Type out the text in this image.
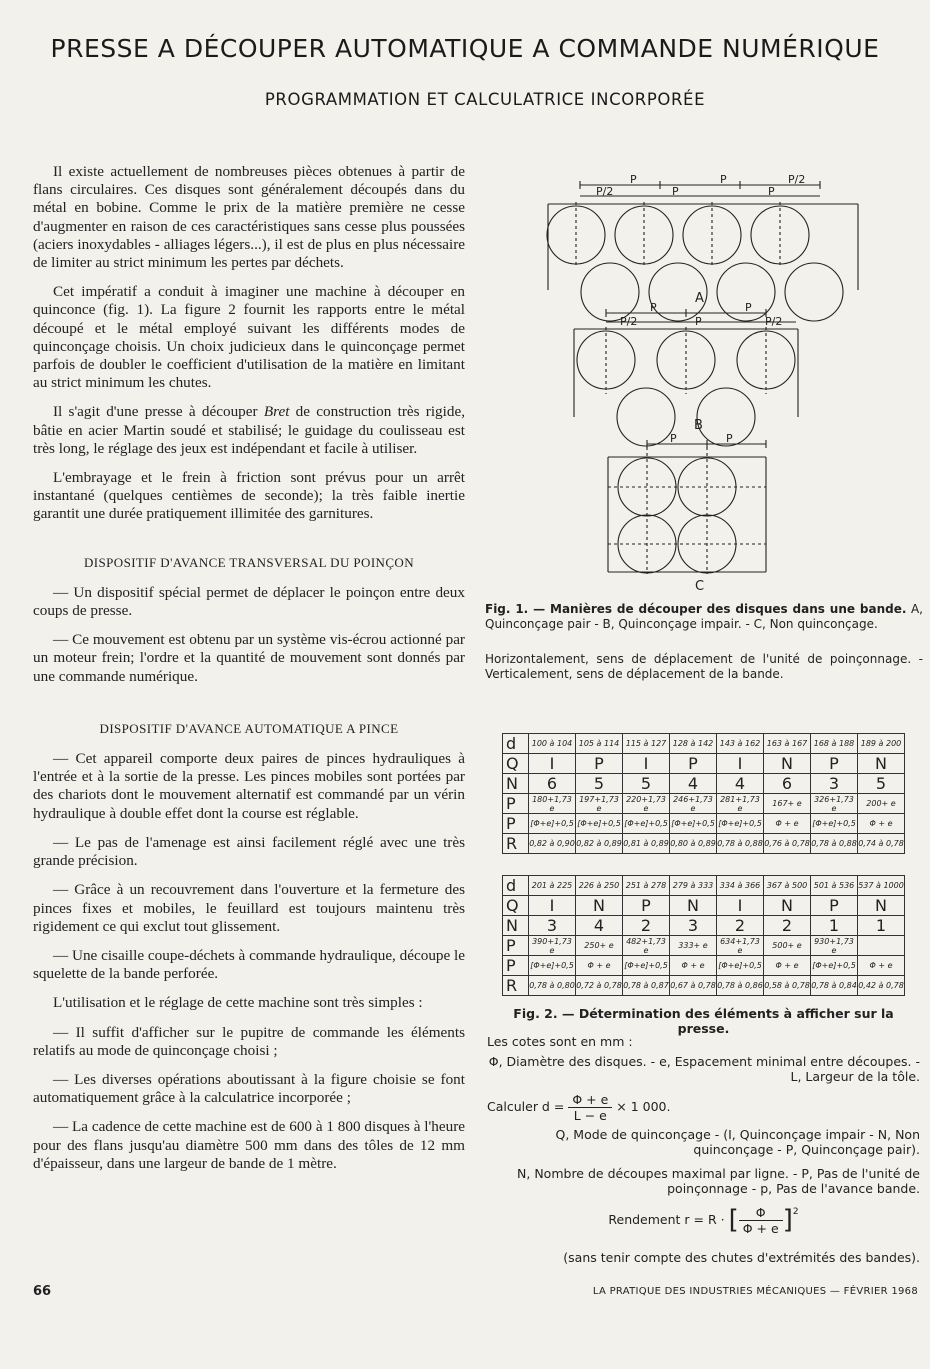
PRESSE A DÉCOUPER AUTOMATIQUE A COMMANDE NUMÉRIQUE
PROGRAMMATION ET CALCULATRICE INCORPORÉE

Il existe actuellement de nombreuses pièces obtenues à partir de flans circulaires. Ces disques sont généralement découpés dans du métal en bobine. Comme le prix de la matière première ne cesse d'augmenter en raison de ces caractéristiques sans cesse plus poussées (aciers inoxydables - alliages légers...), il est de plus en plus nécessaire de limiter au strict minimum les pertes par déchets.

Cet impératif a conduit à imaginer une machine à découper en quinconce (fig. 1). La figure 2 fournit les rapports entre le métal découpé et le métal employé suivant les différents modes de quinconçage choisis. Un choix judicieux dans le quinconçage permet parfois de doubler le coefficient d'utilisation de la matière en limitant au strict minimum les chutes.

Il s'agit d'une presse à découper Bret de construction très rigide, bâtie en acier Martin soudé et stabilisé; le guidage du coulisseau est très long, le réglage des jeux est indépendant et facile à utiliser.

L'embrayage et le frein à friction sont prévus pour un arrêt instantané (quelques centièmes de seconde); la très faible inertie garantit une durée pratiquement illimitée des garnitures.

DISPOSITIF D'AVANCE TRANSVERSAL DU POINÇON

— Un dispositif spécial permet de déplacer le poinçon entre deux coups de presse.

— Ce mouvement est obtenu par un système vis-écrou actionné par un moteur frein; l'ordre et la quantité de mouvement sont donnés par une commande numérique.

DISPOSITIF D'AVANCE AUTOMATIQUE A PINCE

— Cet appareil comporte deux paires de pinces hydrauliques à l'entrée et à la sortie de la presse. Les pinces mobiles sont portées par des chariots dont le mouvement alternatif est commandé par un vérin hydraulique à double effet dont la course est réglable.

— Le pas de l'amenage est ainsi facilement réglé avec une très grande précision.

— Grâce à un recouvrement dans l'ouverture et la fermeture des pinces fixes et mobiles, le feuillard est toujours maintenu très rigidement ce qui exclut tout glissement.

— Une cisaille coupe-déchets à commande hydraulique, découpe le squelette de la bande perforée.

L'utilisation et le réglage de cette machine sont très simples :

— Il suffit d'afficher sur le pupitre de commande les éléments relatifs au mode de quinconçage choisi ;

— Les diverses opérations aboutissant à la figure choisie se font automatiquement grâce à la calculatrice incorporée ;

— La cadence de cette machine est de 600 à 1 800 disques à l'heure pour des flans jusqu'au diamètre 500 mm dans des tôles de 12 mm d'épaisseur, dans une largeur de bande de 1 mètre.

P	P	P/2
P/2	P	P
A
P	P
P/2	P	P/2
B
P	P
C
Fig. 1. — Manières de découper des disques dans une bande. A, Quinconçage pair - B, Quinconçage impair. - C, Non quinconçage.
Horizontalement, sens de déplacement de l'unité de poinçonnage. - Verticalement, sens de déplacement de la bande.
d	100 à 104	105 à 114	115 à 127	128 à 142	143 à 162	163 à 167	168 à 188	189 à 200
Q	I	P	I	P	I	N	P	N
N	6	5	5	4	4	6	3	5
P	180+1,73 e	197+1,73 e	220+1,73 e	246+1,73 e	281+1,73 e	167+ e	326+1,73 e	200+ e
P	[Φ+e]+0,5	[Φ+e]+0,5	[Φ+e]+0,5	[Φ+e]+0,5	[Φ+e]+0,5	Φ + e	[Φ+e]+0,5	Φ + e
R	0,82 à 0,90	0,82 à 0,89	0,81 à 0,89	0,80 à 0,89	0,78 à 0,88	0,76 à 0,78	0,78 à 0,88	0,74 à 0,78
d	201 à 225	226 à 250	251 à 278	279 à 333	334 à 366	367 à 500	501 à 536	537 à 1000
Q	I	N	P	N	I	N	P	N
N	3	4	2	3	2	2	1	1
P	390+1,73 e	250+ e	482+1,73 e	333+ e	634+1,73 e	500+ e	930+1,73 e	
P	[Φ+e]+0,5	Φ + e	[Φ+e]+0,5	Φ + e	[Φ+e]+0,5	Φ + e	[Φ+e]+0,5	Φ + e
R	0,78 à 0,80	0,72 à 0,78	0,78 à 0,87	0,67 à 0,78	0,78 à 0,86	0,58 à 0,78	0,78 à 0,84	0,42 à 0,78
Fig. 2. — Détermination des éléments à afficher sur la presse.
Les cotes sont en mm :
Φ, Diamètre des disques. - e, Espacement minimal entre découpes. - L, Largeur de la tôle.
Calculer $d = \frac{\Phi + e}{L - e} \times 1$ 000.
Q, Mode de quinconçage - (I, Quinconçage impair - N, Non quinconçage - P, Quinconçage pair).
N, Nombre de découpes maximal par ligne. - P, Pas de l'unité de poinçonnage - p, Pas de l'avance bande.
Rendement r = R · [ $\frac{\Phi}{\Phi + e} ]^2$
(sans tenir compte des chutes d'extrémités des bandes).
66	LA PRATIQUE DES INDUSTRIES MÉCANIQUES — FÉVRIER 1968
